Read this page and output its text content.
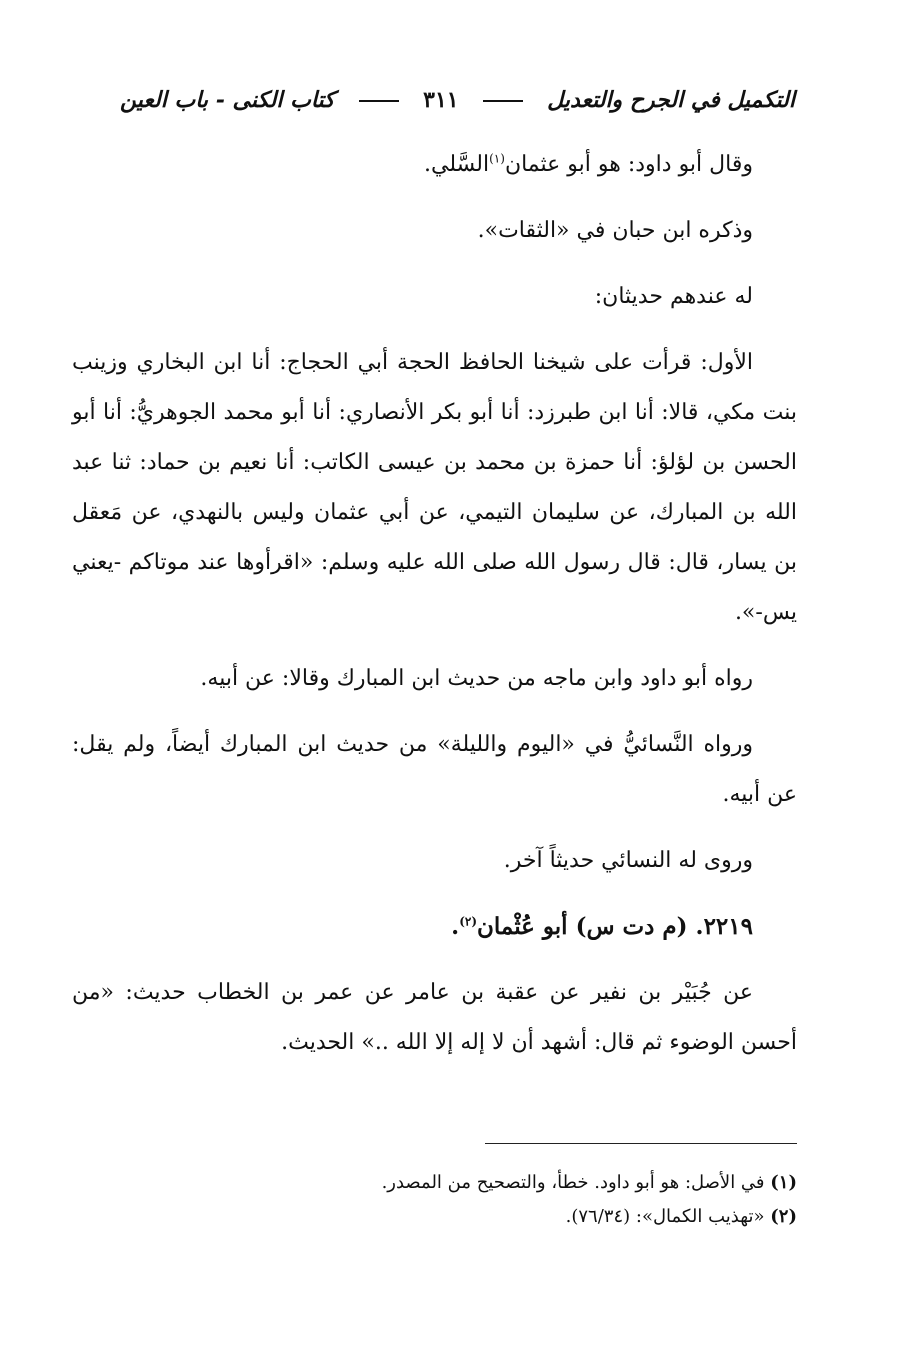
التكميل في الجرح والتعديل
٣١١
كتاب الكنى - باب العين

وقال أبو داود: هو أبو عثمان$^{(١)}$السَّلي.

وذكره ابن حبان في «الثقات».

له عندهم حديثان:

الأول: قرأت على شيخنا الحافظ الحجة أبي الحجاج: أنا ابن البخاري وزينب بنت مكي، قالا: أنا ابن طبرزد: أنا أبو بكر الأنصاري: أنا أبو محمد الجوهريُّ: أنا أبو الحسن بن لؤلؤ: أنا حمزة بن محمد بن عيسى الكاتب: أنا نعيم بن حماد: ثنا عبد الله بن المبارك، عن سليمان التيمي، عن أبي عثمان وليس بالنهدي، عن مَعقل بن يسار، قال: قال رسول الله صلى الله عليه وسلم: «اقرأوها عند موتاكم -يعني يس-».

رواه أبو داود وابن ماجه من حديث ابن المبارك وقالا: عن أبيه.

ورواه النَّسائيُّ في «اليوم والليلة» من حديث ابن المبارك أيضاً، ولم يقل: عن أبيه.

وروى له النسائي حديثاً آخر.

٢٢١٩. (م دت س) أبو عُثْمان$^{(٢)}$.

عن جُبَيْر بن نفير عن عقبة بن عامر عن عمر بن الخطاب حديث: «من أحسن الوضوء ثم قال: أشهد أن لا إله إلا الله ..» الحديث.

(١) في الأصل: هو أبو داود. خطأ، والتصحيح من المصدر.

(٢) «تهذيب الكمال»: (٧٦/٣٤).
